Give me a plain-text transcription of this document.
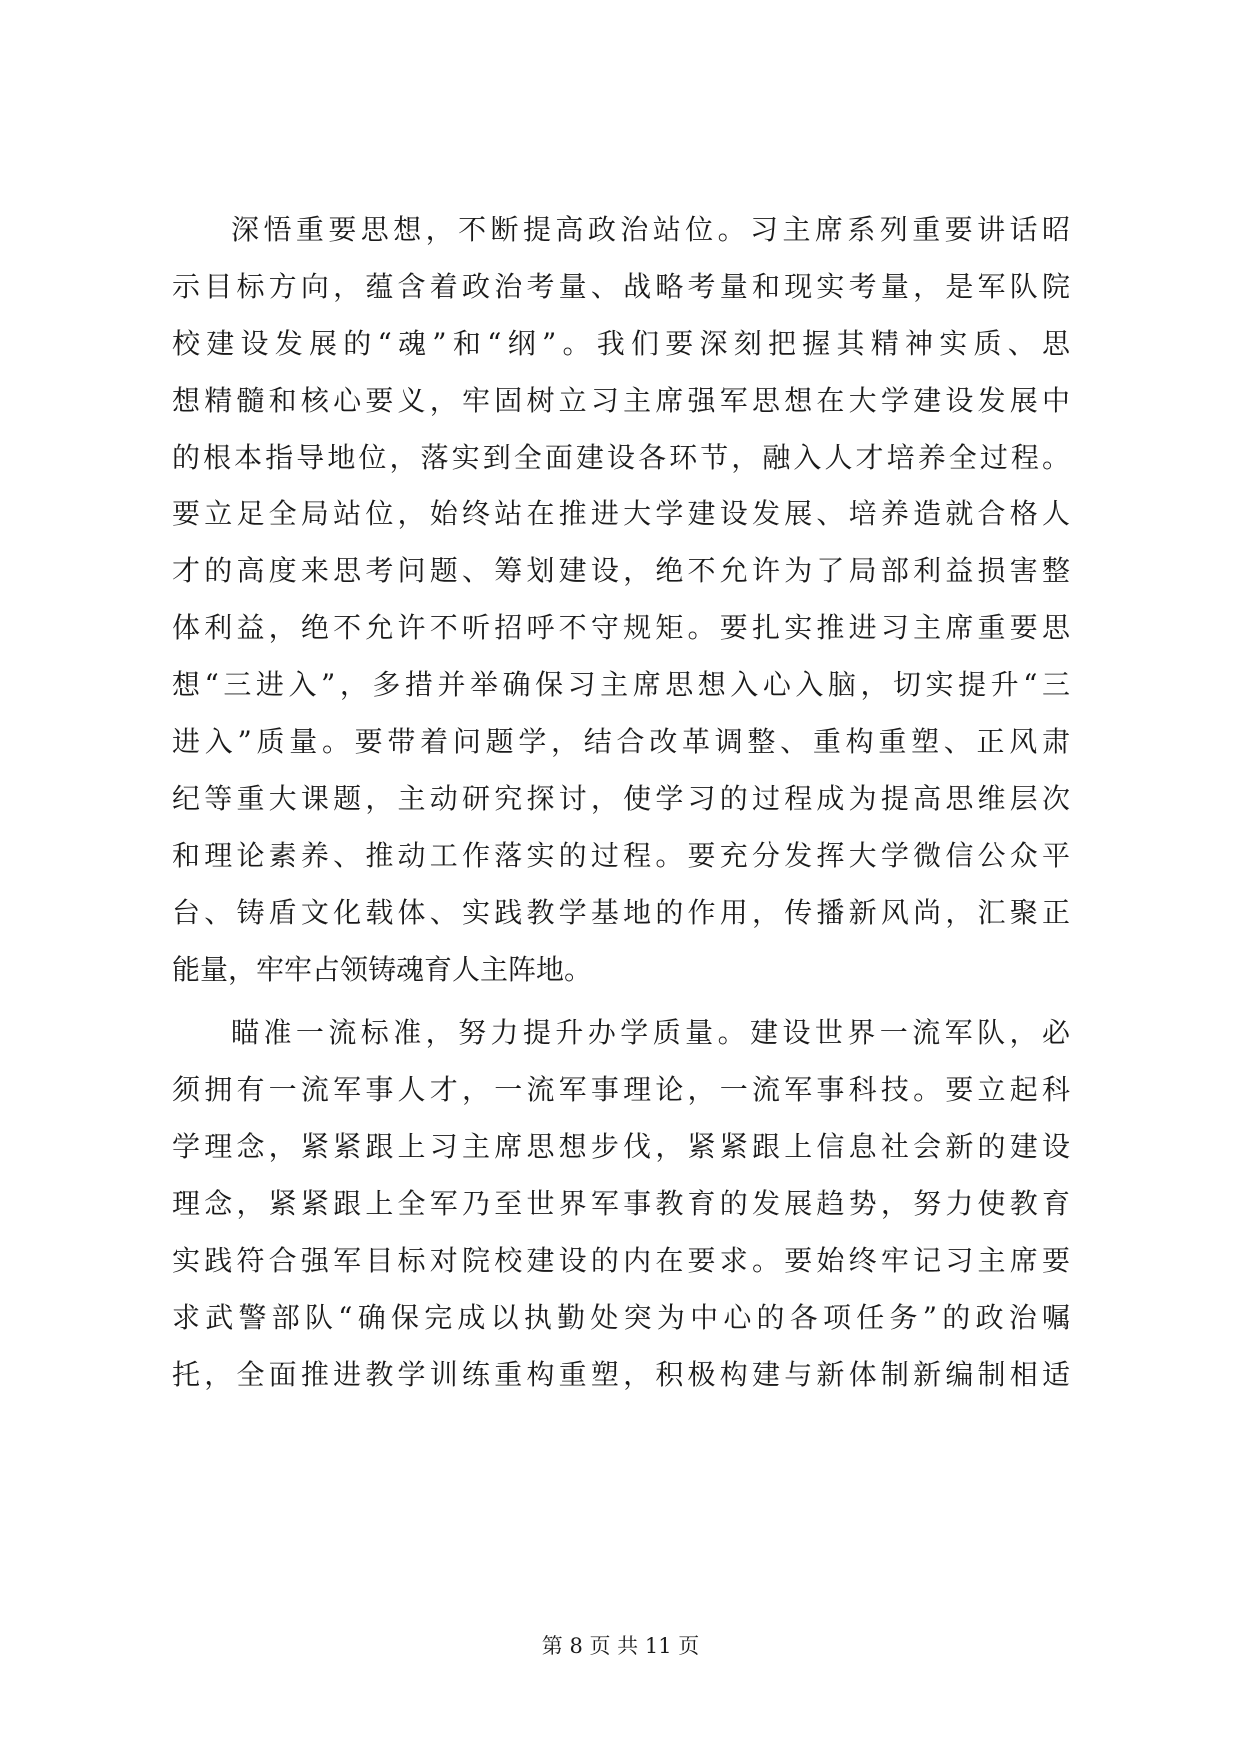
深悟重要思想，不断提高政治站位。习主席系列重要讲话昭
示目标方向，蕴含着政治考量、战略考量和现实考量，是军队院
校建设发展的“魂”和“纲”。我们要深刻把握其精神实质、思
想精髓和核心要义，牢固树立习主席强军思想在大学建设发展中
的根本指导地位，落实到全面建设各环节，融入人才培养全过程。
要立足全局站位，始终站在推进大学建设发展、培养造就合格人
才的高度来思考问题、筹划建设，绝不允许为了局部利益损害整
体利益，绝不允许不听招呼不守规矩。要扎实推进习主席重要思
想“三进入”，多措并举确保习主席思想入心入脑，切实提升“三
进入”质量。要带着问题学，结合改革调整、重构重塑、正风肃
纪等重大课题，主动研究探讨，使学习的过程成为提高思维层次
和理论素养、推动工作落实的过程。要充分发挥大学微信公众平
台、铸盾文化载体、实践教学基地的作用，传播新风尚，汇聚正
能量，牢牢占领铸魂育人主阵地。
瞄准一流标准，努力提升办学质量。建设世界一流军队，必
须拥有一流军事人才，一流军事理论，一流军事科技。要立起科
学理念，紧紧跟上习主席思想步伐，紧紧跟上信息社会新的建设
理念，紧紧跟上全军乃至世界军事教育的发展趋势，努力使教育
实践符合强军目标对院校建设的内在要求。要始终牢记习主席要
求武警部队“确保完成以执勤处突为中心的各项任务”的政治嘱
托，全面推进教学训练重构重塑，积极构建与新体制新编制相适
第 8 页 共 11 页
